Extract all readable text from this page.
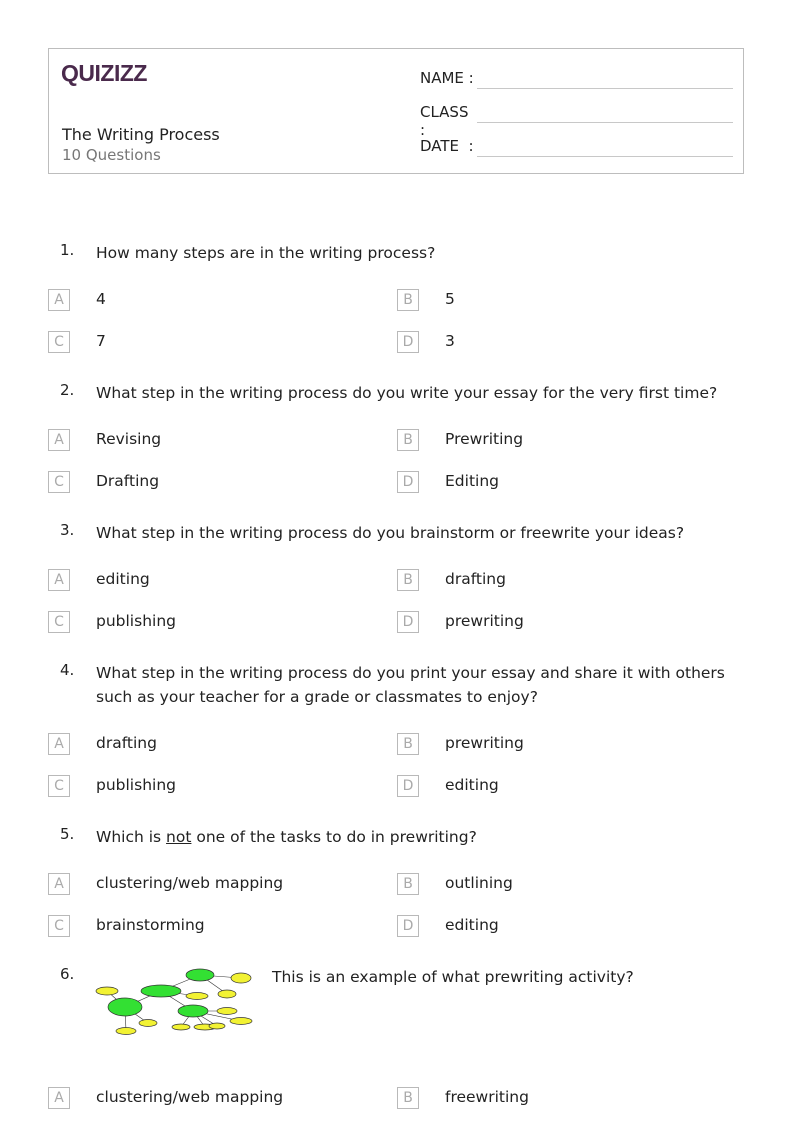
QUIZIZZ
The Writing Process
10 Questions
NAME :
CLASS :
DATE  :
1. How many steps are in the writing process?
A	4	B	5
C	7	D	3
2. What step in the writing process do you write your essay for the very first time?
A	Revising	B	Prewriting
C	Drafting	D	Editing
3. What step in the writing process do you brainstorm or freewrite your ideas?
A	editing	B	drafting
C	publishing	D	prewriting
4. What step in the writing process do you print your essay and share it with others such as your teacher for a grade or classmates to enjoy?
A	drafting	B	prewriting
C	publishing	D	editing
5. Which is not one of the tasks to do in prewriting?
A	clustering/web mapping	B	outlining
C	brainstorming	D	editing
6.	This is an example of what prewriting activity?
A	clustering/web mapping	B	freewriting
